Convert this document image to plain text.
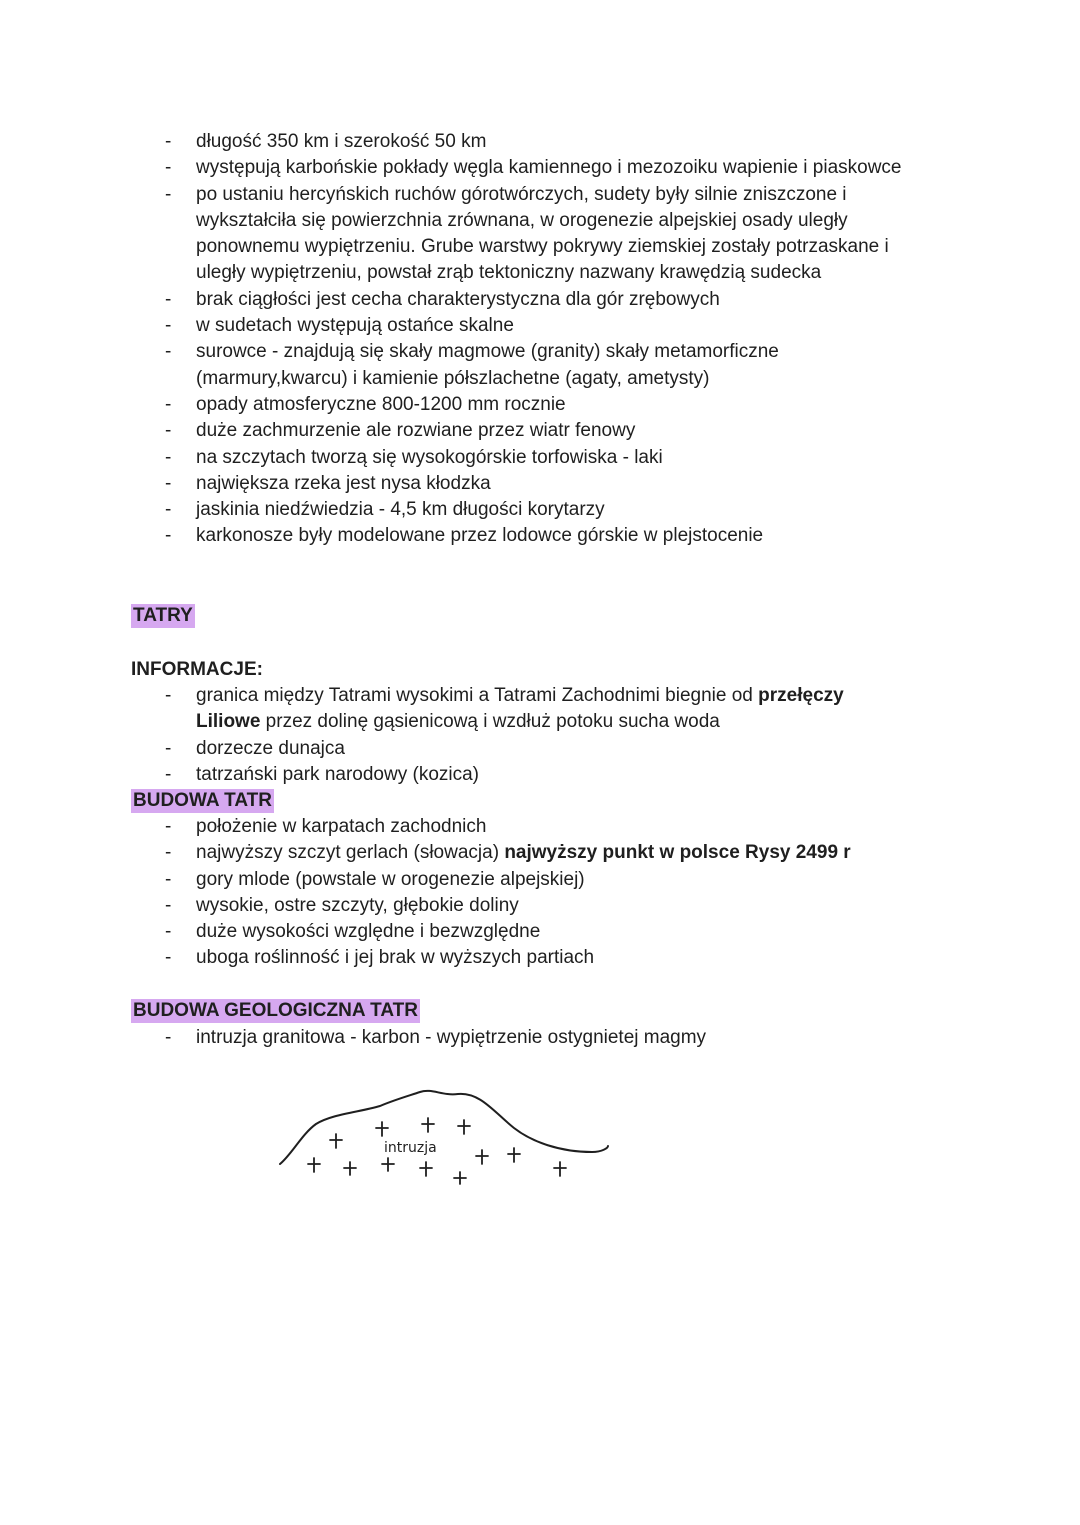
- długość 350 km i szerokość 50 km
- występują karbońskie pokłady węgla kamiennego i mezozoiku wapienie i piaskowce
- po ustaniu hercyńskich ruchów górotwórczych, sudety były silnie zniszczone i wykształciła się powierzchnia zrównana, w orogenezie alpejskiej osady uległy ponownemu wypiętrzeniu. Grube warstwy pokrywy ziemskiej zostały potrzaskane i uległy wypiętrzeniu, powstał zrąb tektoniczny nazwany krawędzią sudecka
- brak ciągłości jest cecha charakterystyczna dla gór zrębowych
- w sudetach występują ostańce skalne
- surowce - znajdują się skały magmowe (granity) skały metamorficzne (marmury,kwarcu) i kamienie półszlachetne (agaty, ametysty)
- opady atmosferyczne 800-1200 mm rocznie
- duże zachmurzenie ale rozwiane przez wiatr fenowy
- na szczytach tworzą się wysokogórskie torfowiska - laki
- największa rzeka jest nysa kłodzka
- jaskinia niedźwiedzia - 4,5 km długości korytarzy
- karkonosze były modelowane przez lodowce górskie w plejstocenie
TATRY
INFORMACJE:
- granica między Tatrami wysokimi a Tatrami Zachodnimi biegnie od przełęczy Liliowe przez dolinę gąsienicową i wzdłuż potoku sucha woda
- dorzecze dunajca
- tatrzański park narodowy (kozica)
BUDOWA TATR
- położenie w karpatach zachodnich
- najwyższy szczyt gerlach (słowacja) najwyższy punkt w polsce Rysy 2499 r
- gory mlode (powstale w orogenezie alpejskiej)
- wysokie, ostre szczyty, głębokie doliny
- duże wysokości względne i bezwzględne
- uboga roślinność i jej brak w wyższych partiach
BUDOWA GEOLOGICZNA TATR
- intruzja granitowa - karbon - wypiętrzenie ostygnietej magmy
intruzja
